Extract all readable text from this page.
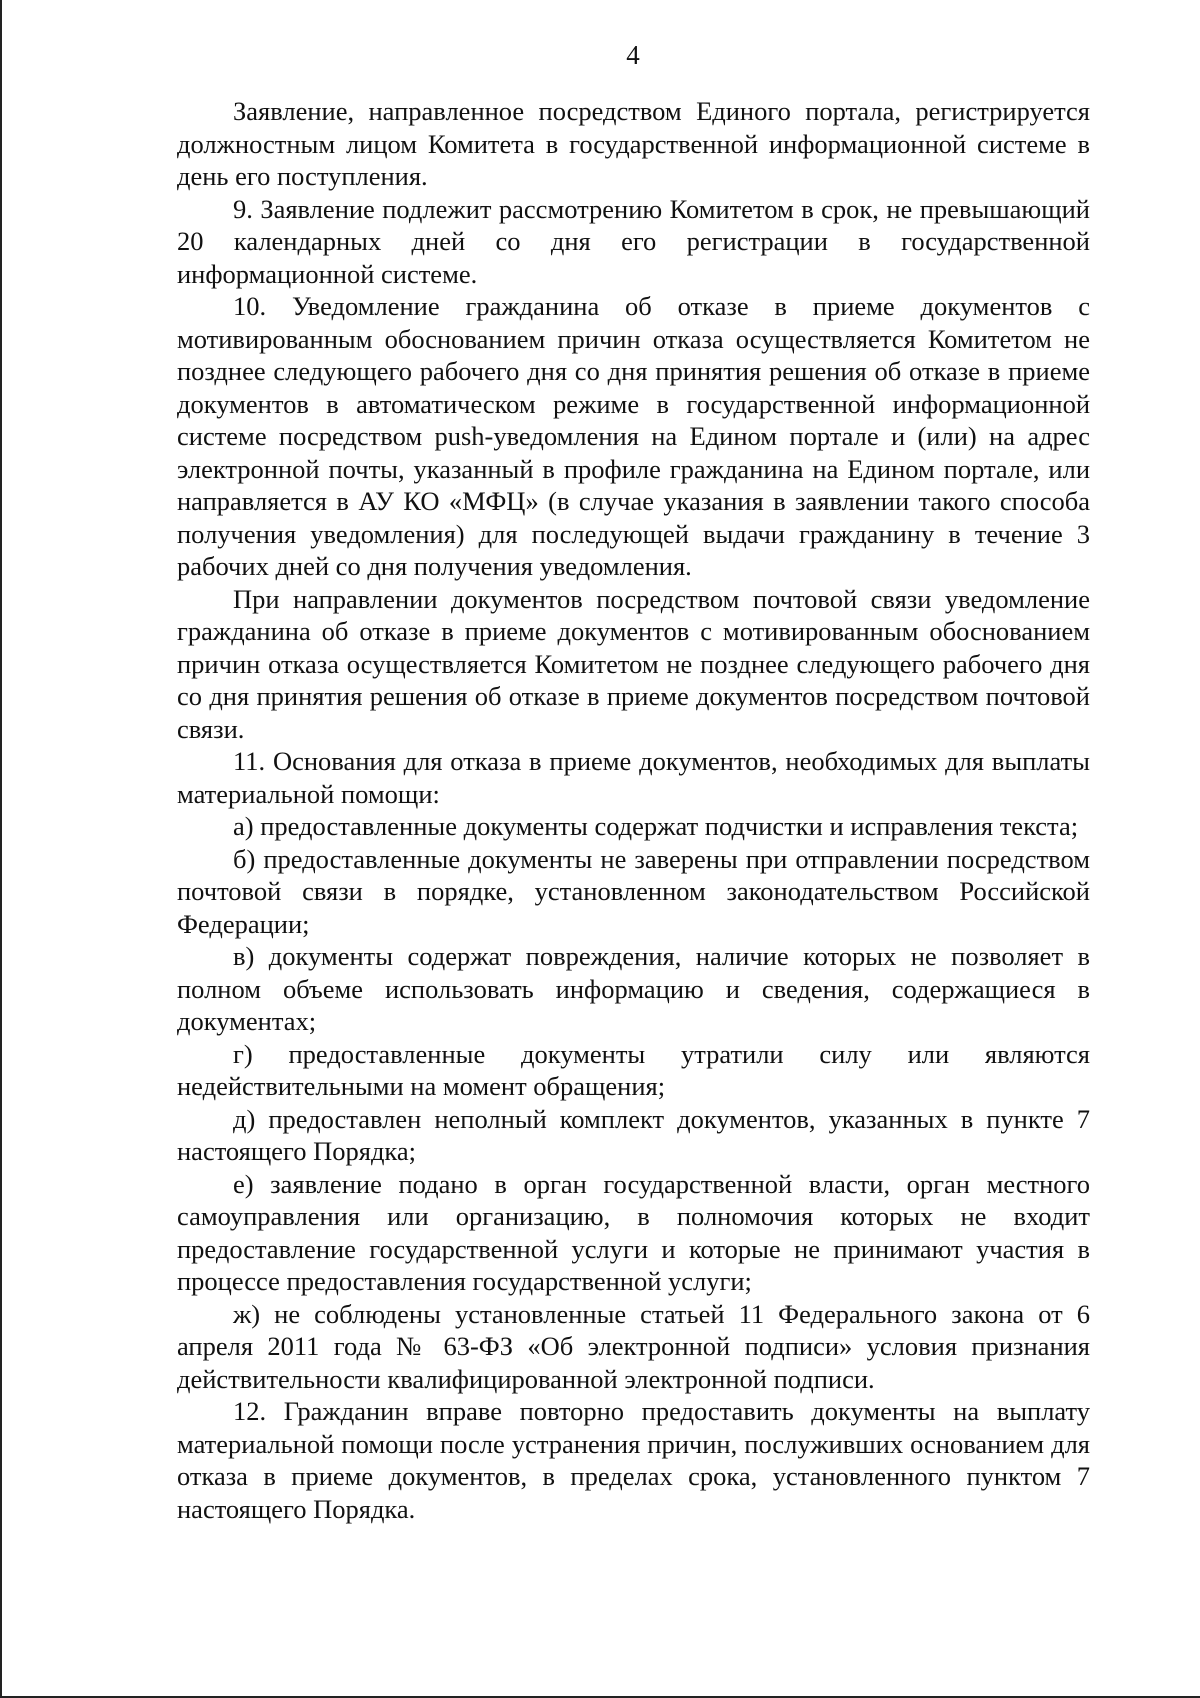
4

Заявление, направленное посредством Единого портала, регистрируется должностным лицом Комитета в государственной информационной системе в день его поступления.

9. Заявление подлежит рассмотрению Комитетом в срок, не превышающий 20 календарных дней со дня его регистрации в государственной информационной системе.

10. Уведомление гражданина об отказе в приеме документов с мотивированным обоснованием причин отказа осуществляется Комитетом не позднее следующего рабочего дня со дня принятия решения об отказе в приеме документов в автоматическом режиме в государственной информационной системе посредством push-уведомления на Едином портале и (или) на адрес электронной почты, указанный в профиле гражданина на Едином портале, или направляется в АУ КО «МФЦ» (в случае указания в заявлении такого способа получения уведомления) для последующей выдачи гражданину в течение 3 рабочих дней со дня получения уведомления.

При направлении документов посредством почтовой связи уведомление гражданина об отказе в приеме документов с мотивированным обоснованием причин отказа осуществляется Комитетом не позднее следующего рабочего дня со дня принятия решения об отказе в приеме документов посредством почтовой связи.

11. Основания для отказа в приеме документов, необходимых для выплаты материальной помощи:

а) предоставленные документы содержат подчистки и исправления текста;

б) предоставленные документы не заверены при отправлении посредством почтовой связи в порядке, установленном законодательством Российской Федерации;

в) документы содержат повреждения, наличие которых не позволяет в полном объеме использовать информацию и сведения, содержащиеся в документах;

г) предоставленные документы утратили силу или являются недействительными на момент обращения;

д) предоставлен неполный комплект документов, указанных в пункте 7 настоящего Порядка;

е) заявление подано в орган государственной власти, орган местного самоуправления или организацию, в полномочия которых не входит предоставление государственной услуги и которые не принимают участия в процессе предоставления государственной услуги;

ж) не соблюдены установленные статьей 11 Федерального закона от 6 апреля 2011 года № 63-ФЗ «Об электронной подписи» условия признания действительности квалифицированной электронной подписи.

12. Гражданин вправе повторно предоставить документы на выплату материальной помощи после устранения причин, послуживших основанием для отказа в приеме документов, в пределах срока, установленного пунктом 7 настоящего Порядка.
